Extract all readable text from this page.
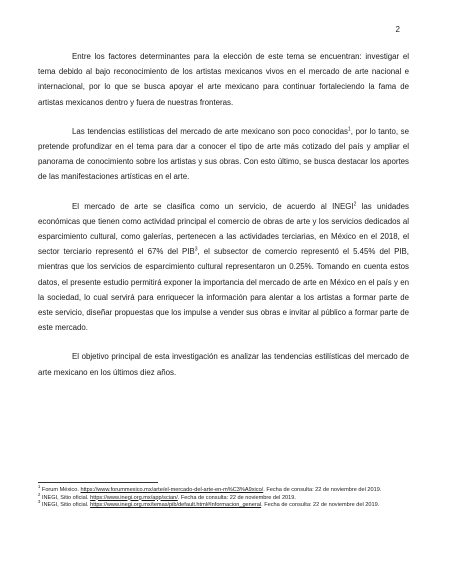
2

Entre los factores determinantes para la elección de este tema se encuentran: investigar el tema debido al bajo reconocimiento de los artistas mexicanos vivos en el mercado de arte nacional e internacional, por lo que se busca apoyar el arte mexicano para continuar fortaleciendo la fama de artistas mexicanos dentro y fuera de nuestras fronteras.

Las tendencias estilísticas del mercado de arte mexicano son poco conocidas$^1$, por lo tanto, se pretende profundizar en el tema para dar a conocer el tipo de arte más cotizado del país y ampliar el panorama de conocimiento sobre los artistas y sus obras. Con esto último, se busca destacar los aportes de las manifestaciones artísticas en el arte.

El mercado de arte se clasifica como un servicio, de acuerdo al INEGI$^2$ las unidades económicas que tienen como actividad principal el comercio de obras de arte y los servicios dedicados al esparcimiento cultural, como galerías, pertenecen a las actividades terciarias, en México en el 2018, el sector terciario representó el 67% del PIB$^3$, el subsector de comercio representó el 5.45% del PIB, mientras que los servicios de esparcimiento cultural representaron un 0.25%. Tomando en cuenta estos datos, el presente estudio permitirá exponer la importancia del mercado de arte en México en el país y en la sociedad, lo cual servirá para enriquecer la información para alentar a los artistas a formar parte de este servicio, diseñar propuestas que los impulse a vender sus obras e invitar al público a formar parte de este mercado.

El objetivo principal de esta investigación es analizar las tendencias estilísticas del mercado de arte mexicano en los últimos diez años.

$^1$ Forum México. https://www.forummexico.mx/arte/el-mercado-del-arte-en-m%C3%A9xico/. Fecha de consulta: 22 de noviembre del 2019.

$^2$ INEGI, Sitio oficial. https://www.inegi.org.mx/app/scian/. Fecha de consulta: 22 de noviembre del 2019.

$^3$ INEGI, Sitio oficial. https://www.inegi.org.mx/temas/pib/default.html#Informacion_general. Fecha de consulta: 22 de noviembre del 2019.
